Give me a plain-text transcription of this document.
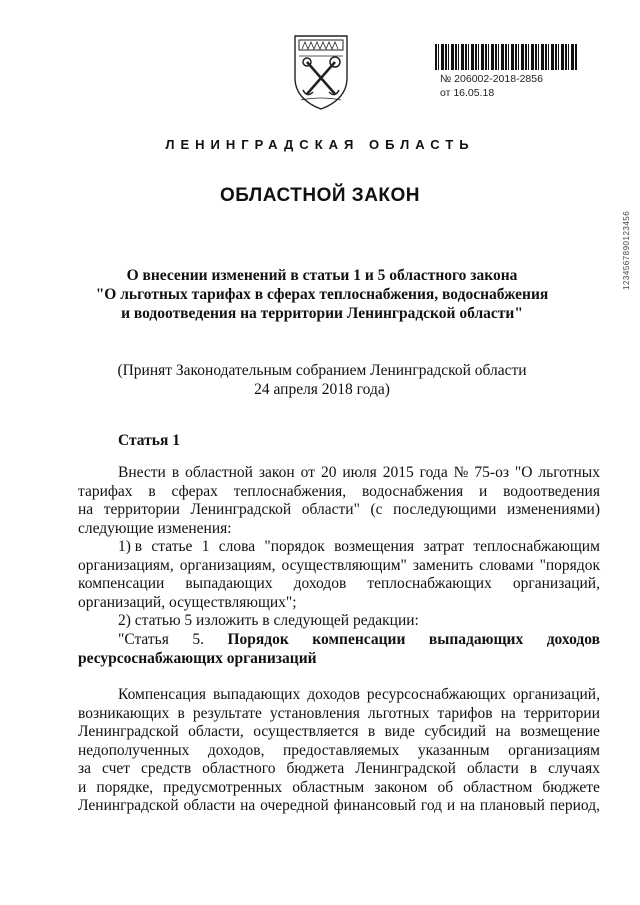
№ 206002-2018-2856
от 16.05.18
1234567890123456
ЛЕНИНГРАДСКАЯ ОБЛАСТЬ
ОБЛАСТНОЙ ЗАКОН
О внесении изменений в статьи 1 и 5 областного закона
"О льготных тарифах в сферах теплоснабжения, водоснабжения
и водоотведения на территории Ленинградской области"
(Принят Законодательным собранием Ленинградской области
24 апреля 2018 года)
Статья 1
Внести в областной закон от 20 июля 2015 года № 75-оз "О льготных
тарифах в сферах теплоснабжения, водоснабжения и водоотведения
на территории Ленинградской области" (с последующими изменениями)
следующие изменения:
1) в статье 1 слова "порядок возмещения затрат теплоснабжающим
организациям, организациям, осуществляющим" заменить словами "порядок
компенсации выпадающих доходов теплоснабжающих организаций,
организаций, осуществляющих";
2) статью 5 изложить в следующей редакции:
"Статья 5. Порядок компенсации выпадающих доходов
ресурсоснабжающих организаций
Компенсация выпадающих доходов ресурсоснабжающих организаций,
возникающих в результате установления льготных тарифов на территории
Ленинградской области, осуществляется в виде субсидий на возмещение
недополученных доходов, предоставляемых указанным организациям
за счет средств областного бюджета Ленинградской области в случаях
и порядке, предусмотренных областным законом об областном бюджете
Ленинградской области на очередной финансовый год и на плановый период,
